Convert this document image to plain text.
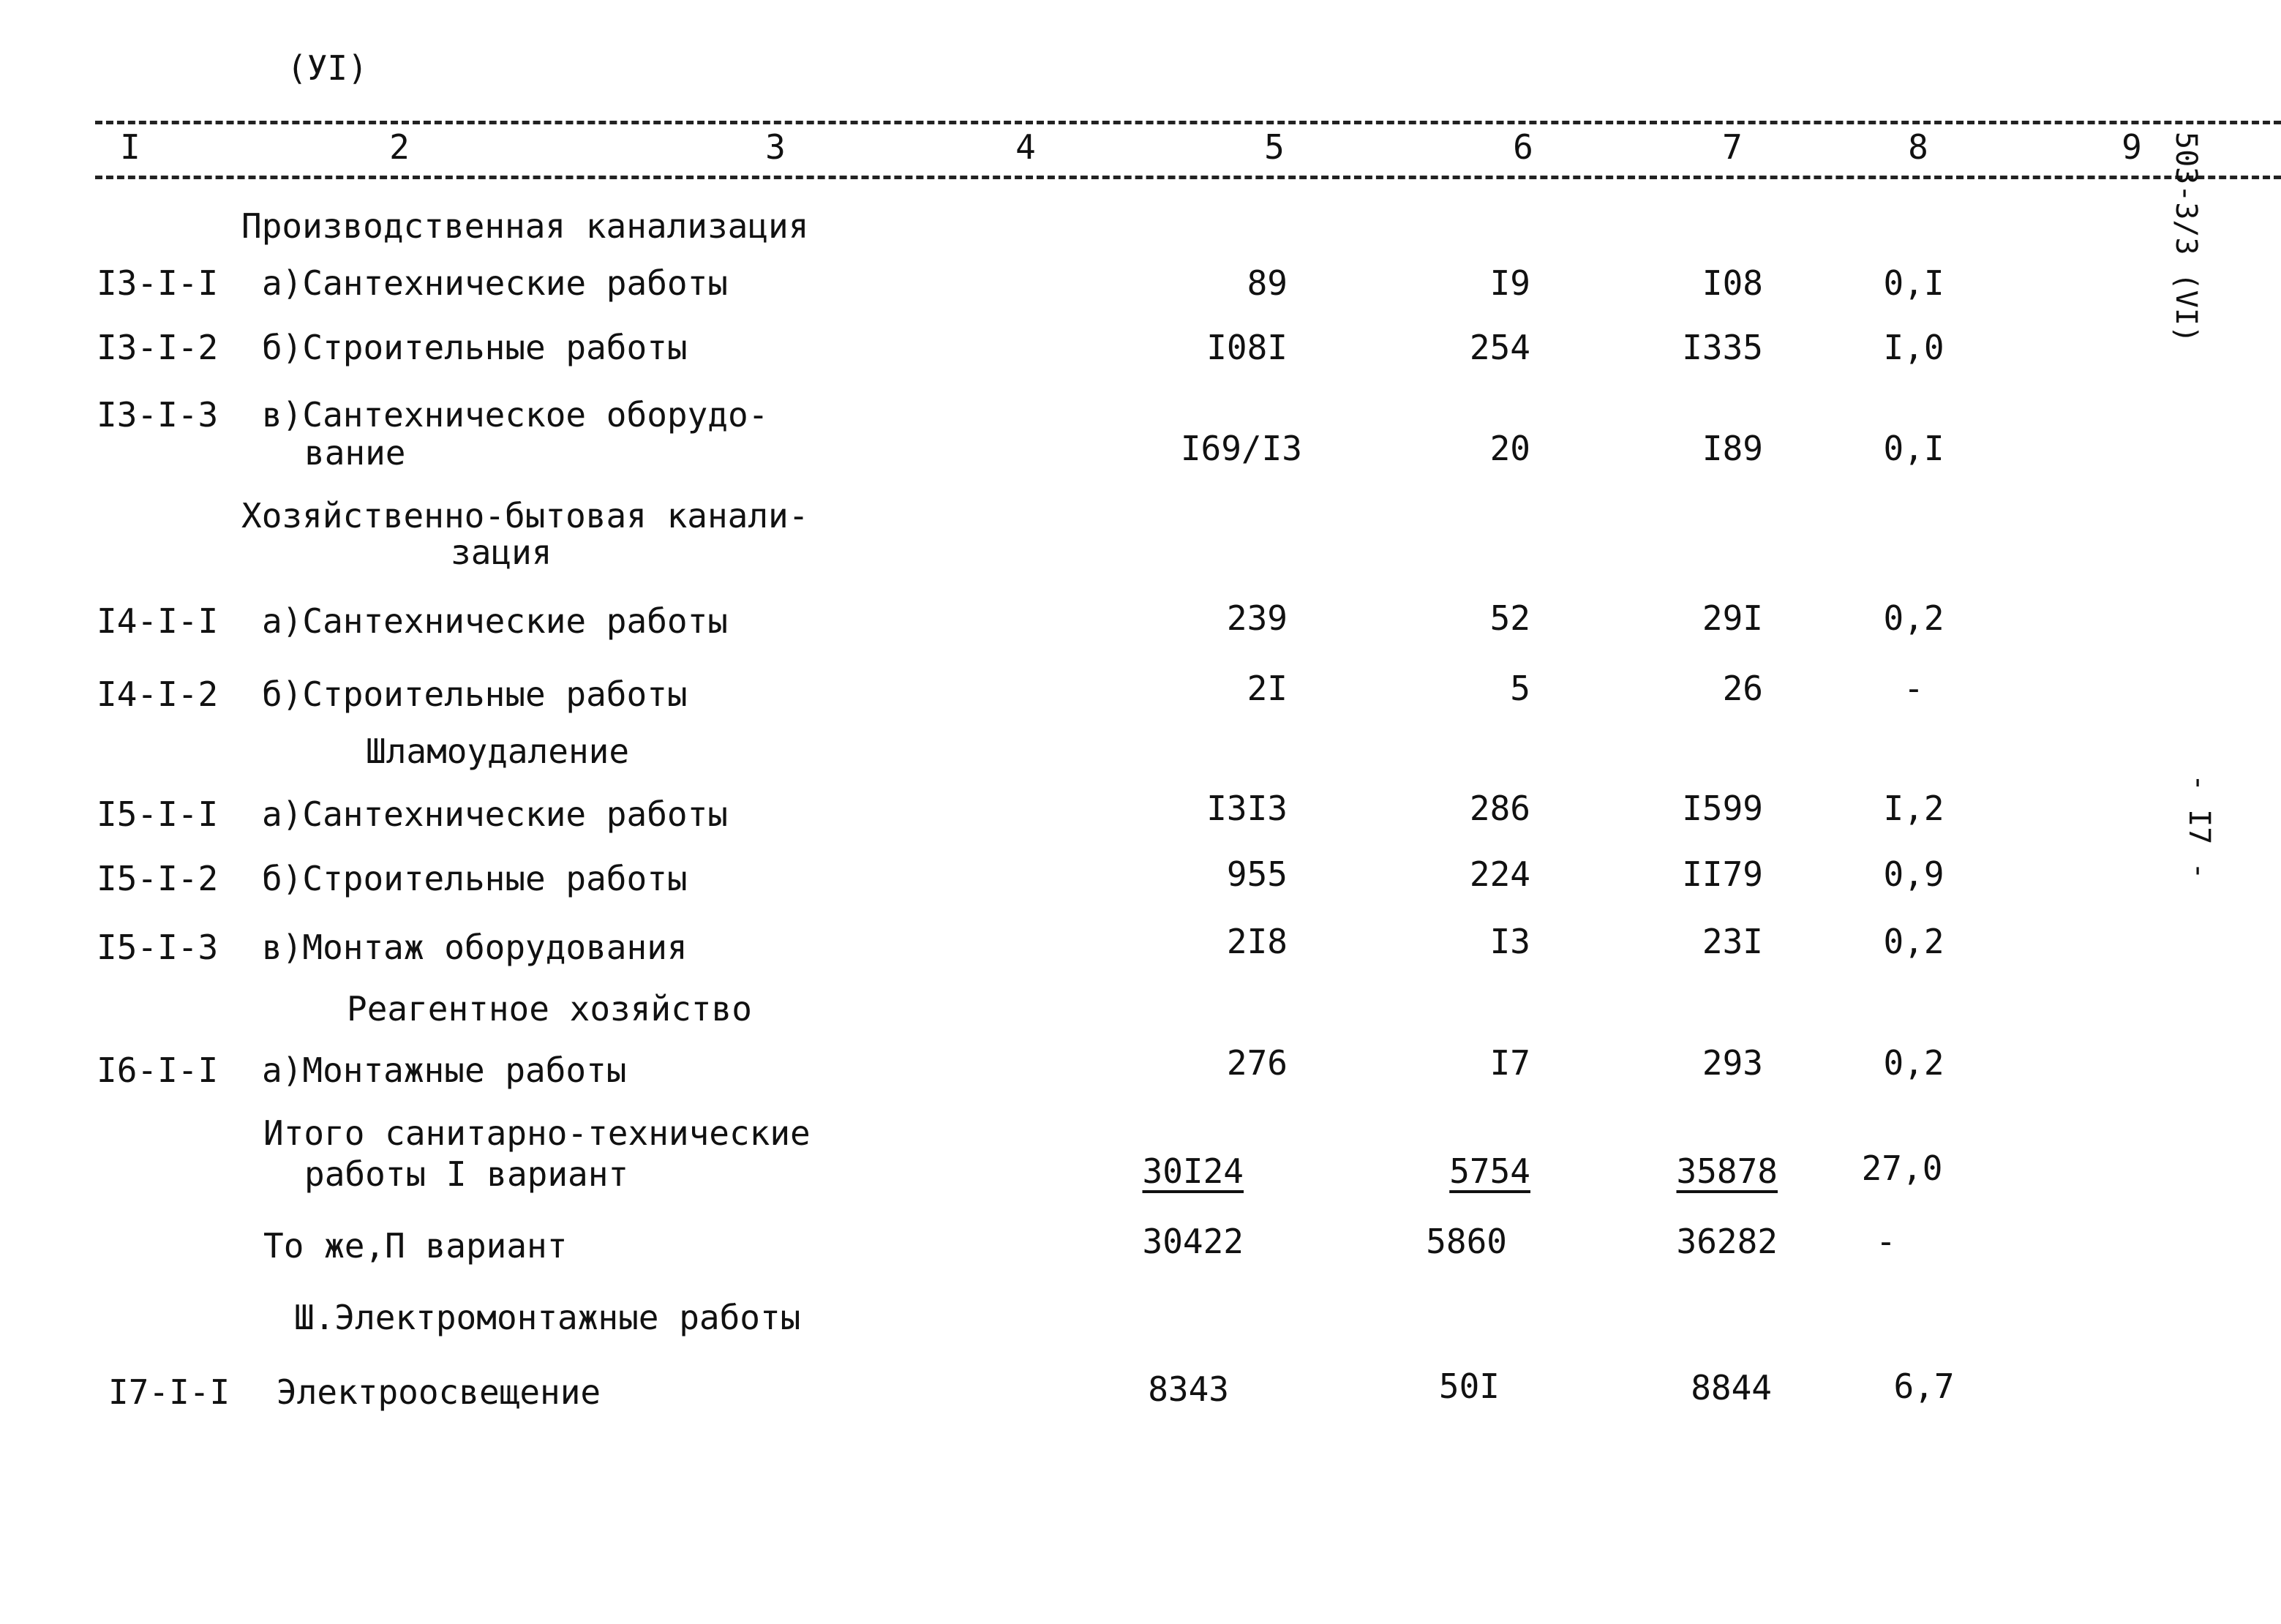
(УI)
I	2	3	4	5	6	7	8	9 503-3/3 (VI)
- I7 -
Производственная канализация
I3-I-I а)Сантехнические работы	89	I9	I08	0,I
I3-I-2 б)Строительные работы	I08I	254	I335	I,0
I3-I-3 в)Сантехническое оборудо-
вание	I69/I3	20	I89	0,I
Хозяйственно-бытовая канали-
зация
I4-I-I а)Сантехнические работы	239	52	29I	0,2
I4-I-2 б)Строительные работы	2I	5	26	-
Шламоудаление
I5-I-I а)Сантехнические работы	I3I3	286	I599	I,2
I5-I-2 б)Строительные работы	955	224	II79	0,9
I5-I-3 в)Монтаж оборудования	2I8	I3	23I	0,2
Реагентное хозяйство
I6-I-I а)Монтажные работы	276	I7	293	0,2
Итого санитарно-технические
работы I вариант	30I24	5754	35878	27,0
То же,П вариант	30422	5860	36282	-
Ш.Электромонтажные работы
I7-I-I Электроосвещение	8343	50I	8844	6,7
